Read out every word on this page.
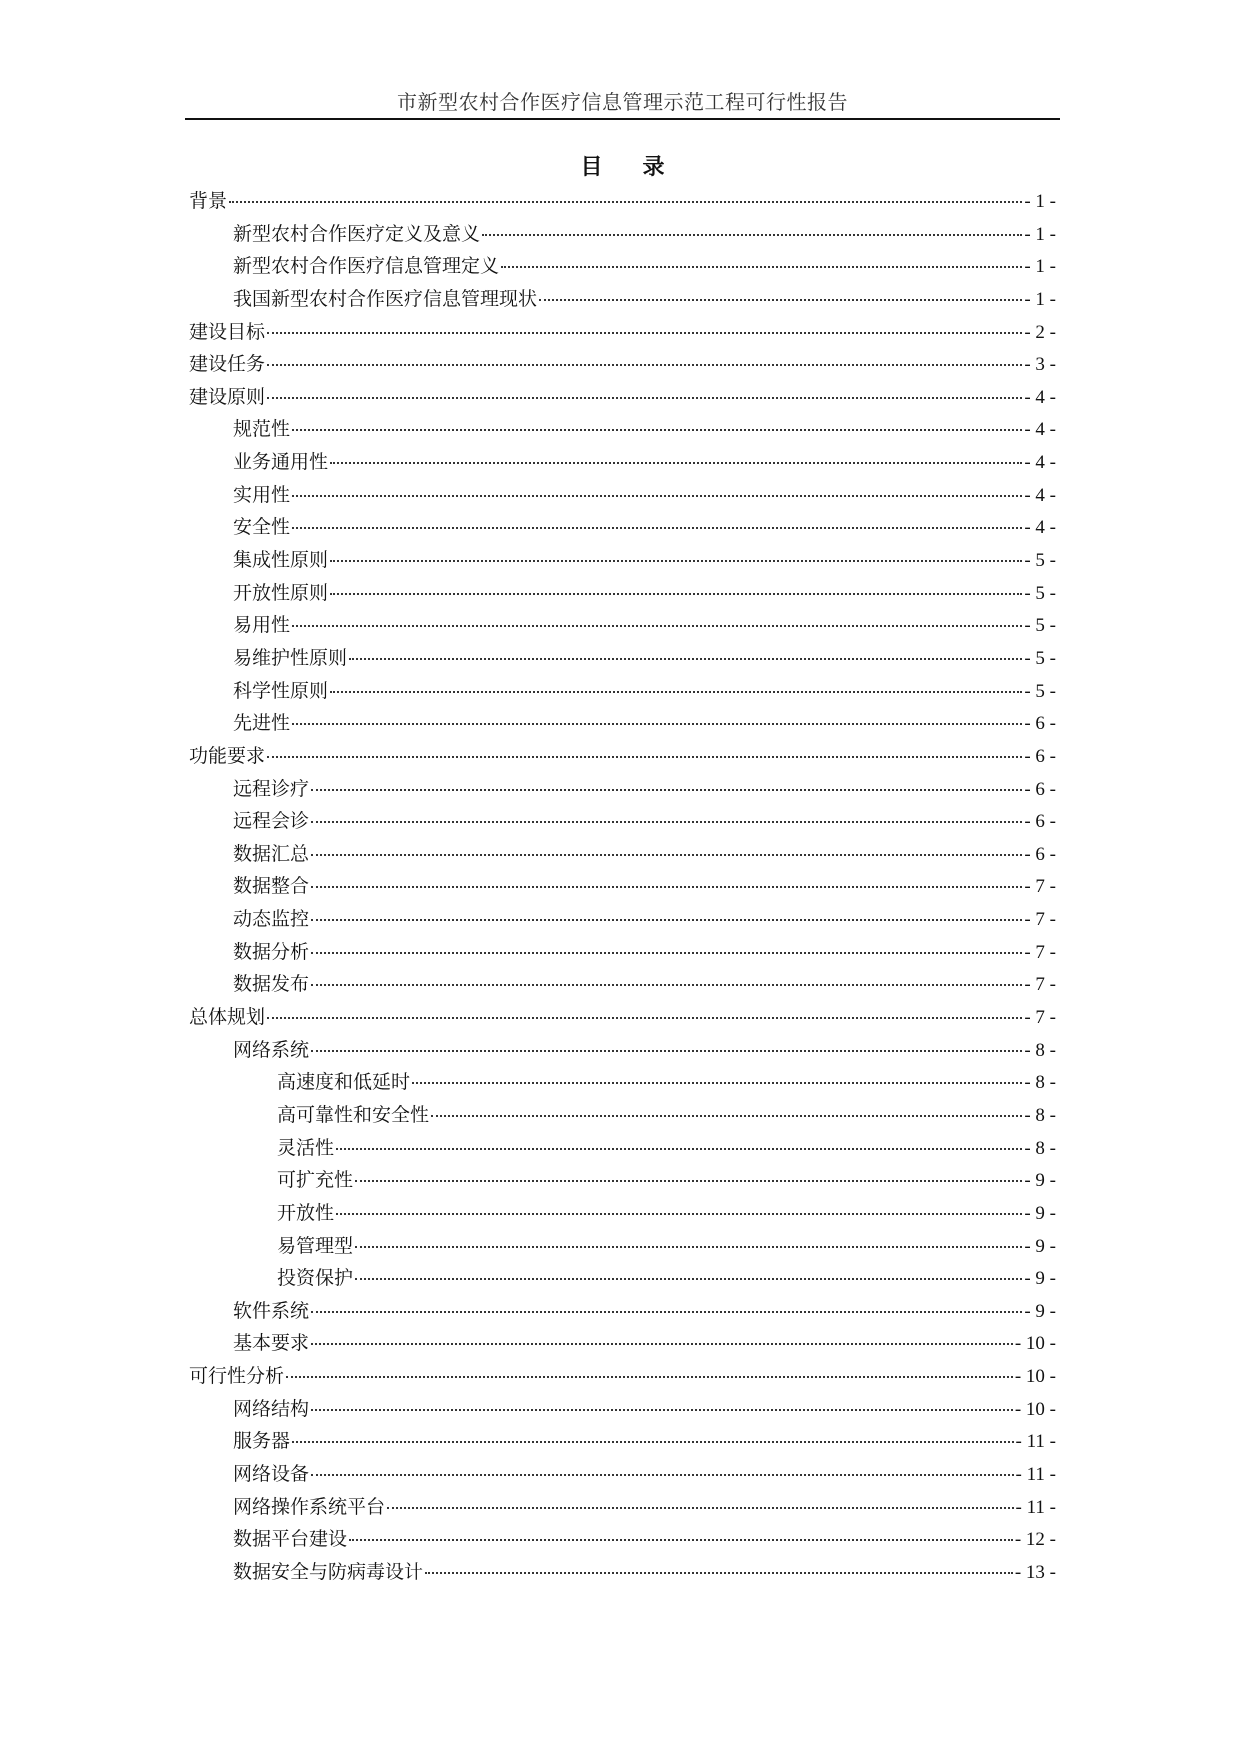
市新型农村合作医疗信息管理示范工程可行性报告
目录
背景	- 1 -
新型农村合作医疗定义及意义	- 1 -
新型农村合作医疗信息管理定义	- 1 -
我国新型农村合作医疗信息管理现状	- 1 -
建设目标	- 2 -
建设任务	- 3 -
建设原则	- 4 -
规范性	- 4 -
业务通用性	- 4 -
实用性	- 4 -
安全性	- 4 -
集成性原则	- 5 -
开放性原则	- 5 -
易用性	- 5 -
易维护性原则	- 5 -
科学性原则	- 5 -
先进性	- 6 -
功能要求	- 6 -
远程诊疗	- 6 -
远程会诊	- 6 -
数据汇总	- 6 -
数据整合	- 7 -
动态监控	- 7 -
数据分析	- 7 -
数据发布	- 7 -
总体规划	- 7 -
网络系统	- 8 -
高速度和低延时	- 8 -
高可靠性和安全性	- 8 -
灵活性	- 8 -
可扩充性	- 9 -
开放性	- 9 -
易管理型	- 9 -
投资保护	- 9 -
软件系统	- 9 -
基本要求	- 10 -
可行性分析	- 10 -
网络结构	- 10 -
服务器	- 11 -
网络设备	- 11 -
网络操作系统平台	- 11 -
数据平台建设	- 12 -
数据安全与防病毒设计	- 13 -
